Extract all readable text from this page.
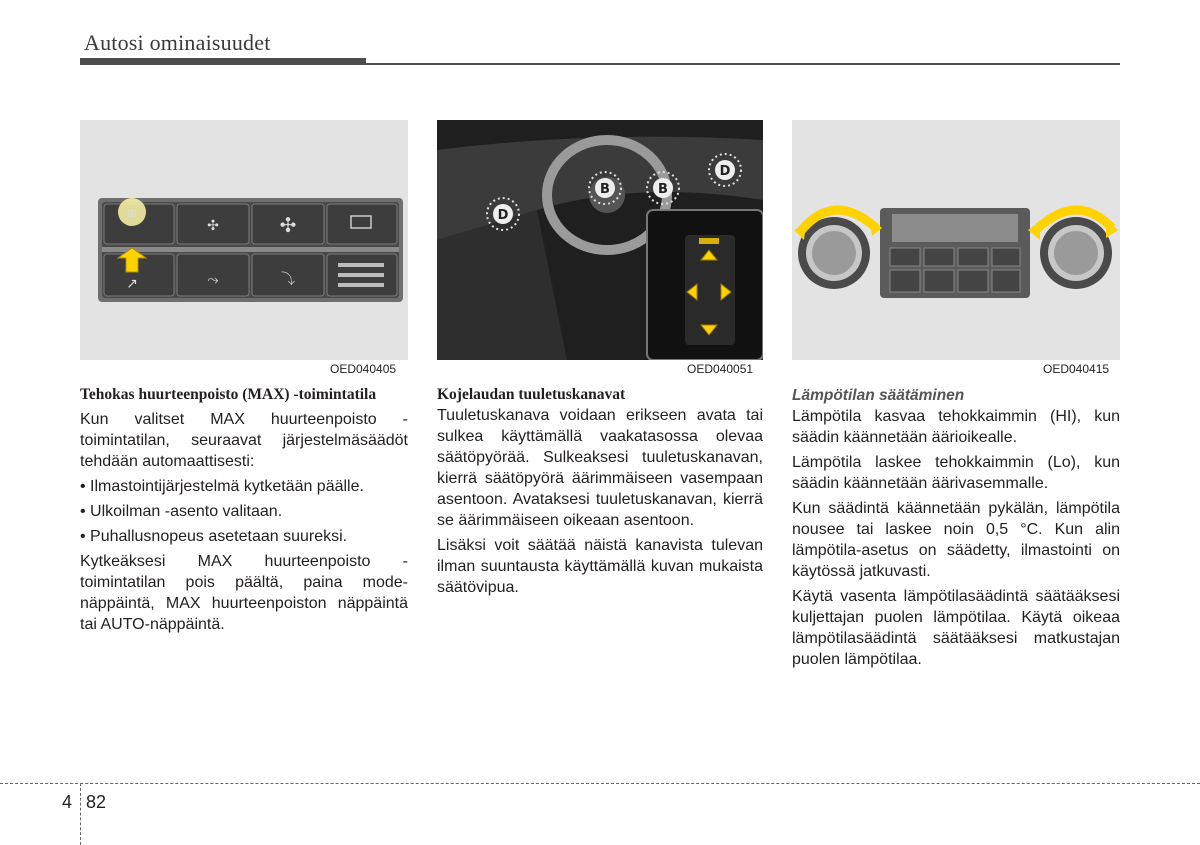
Autosi ominaisuudet
▥
✣	✣
↗	⤳	⤵
OED040405
B	B
D
D
OED040051	OED040415
Tehokas huurteenpoisto (MAX) -toimintatila

Kun valitset MAX huurteenpoisto -toimintatilan, seuraavat järjestelmäsäädöt tehdään automaattisesti:

• Ilmastointijärjestelmä kytketään päälle.

• Ulkoilman -asento valitaan.

• Puhallusnopeus asetetaan suureksi.

Kytkeäksesi MAX huurteenpoisto -toimintatilan pois päältä, paina mode-näppäintä, MAX huurteenpoiston näppäintä tai AUTO-näppäintä.

Kojelaudan tuuletuskanavat

Tuuletuskanava voidaan erikseen avata tai sulkea käyttämällä vaakatasossa olevaa säätöpyörää. Sulkeaksesi tuuletuskanavan, kierrä säätöpyörä äärimmäiseen vasempaan asentoon. Avataksesi tuuletuskanavan, kierrä se äärimmäiseen oikeaan asentoon.

Lisäksi voit säätää näistä kanavista tulevan ilman suuntausta käyttämällä kuvan mukaista säätövipua.

Lämpötilan säätäminen

Lämpötila kasvaa tehokkaimmin (HI), kun säädin käännetään äärioikealle.

Lämpötila laskee tehokkaimmin (Lo), kun säädin käännetään äärivasemmalle.

Kun säädintä käännetään pykälän, lämpötila nousee tai laskee noin 0,5 °C. Kun alin lämpötila-asetus on säädetty, ilmastointi on käytössä jatkuvasti.

Käytä vasenta lämpötilasäädintä säätääksesi kuljettajan puolen lämpötilaa. Käytä oikeaa lämpötilasäädintä säätääksesi matkustajan puolen lämpötilaa.

4 82
